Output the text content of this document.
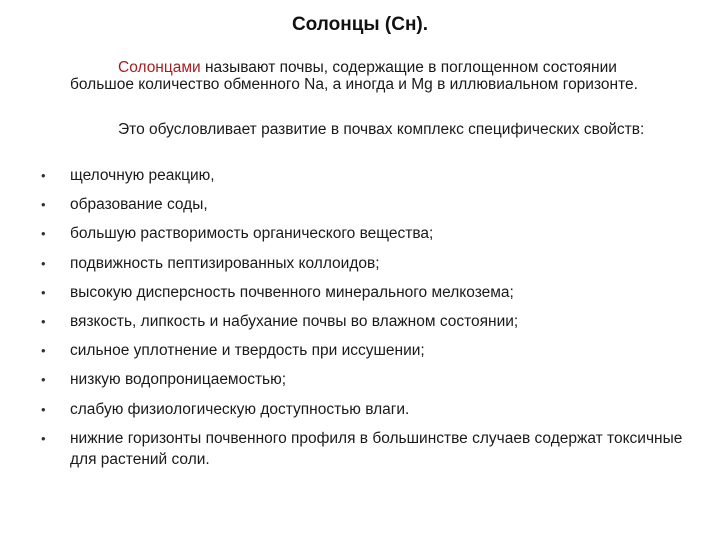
Солонцы (Сн).

Солонцами называют почвы, содержащие в поглощенном состоянии большое количество обменного Na, а иногда и Mg в иллювиальном горизонте.

Это обусловливает развитие в почвах комплекс специфических свойств:

• щелочную реакцию,
• образование соды,
• большую растворимость органического вещества;
• подвижность пептизированных коллоидов;
• высокую дисперсность почвенного минерального мелкозема;
• вязкость, липкость и набухание почвы во влажном состоянии;
• сильное уплотнение и твердость при иссушении;
• низкую водопроницаемостью;
• слабую физиологическую доступностью влаги.
• нижние горизонты почвенного профиля в большинстве случаев содержат токсичные для растений соли.
